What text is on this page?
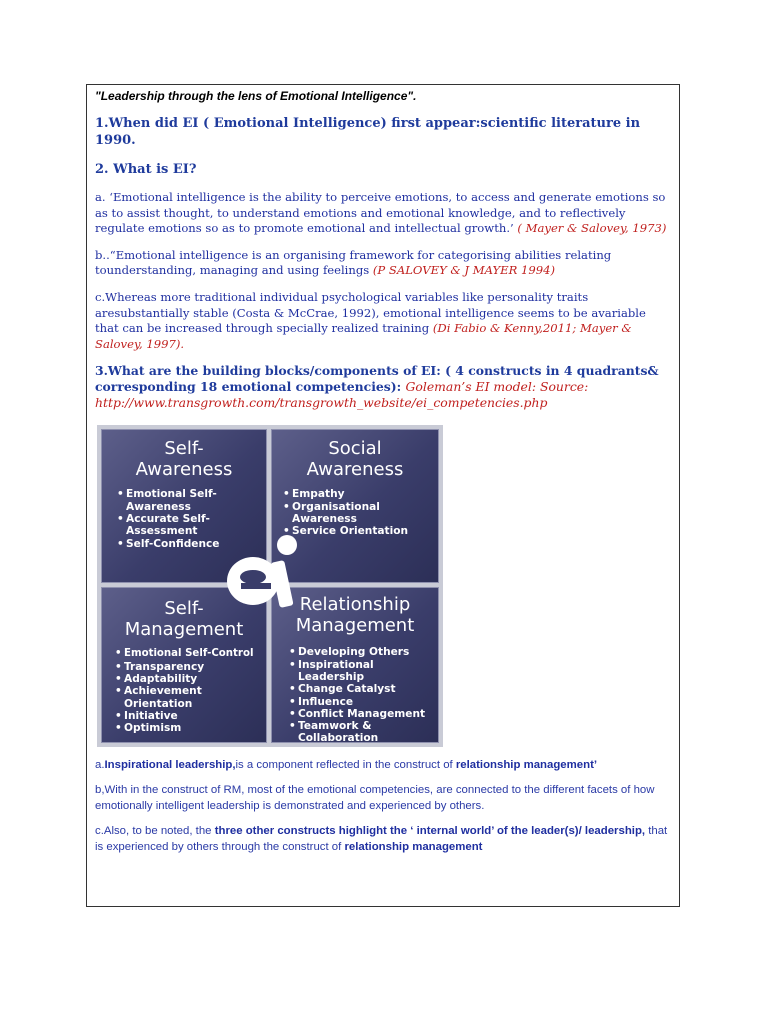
"Leadership through the lens of Emotional Intelligence".

1.When did EI ( Emotional Intelligence) first appear:scientific literature in 1990.

2. What is EI?

a. ‘Emotional intelligence is the ability to perceive emotions, to access and generate emotions so as to assist thought, to understand emotions and emotional knowledge, and to reflectively regulate emotions so as to promote emotional and intellectual growth.’ ( Mayer & Salovey, 1973)

b..“Emotional intelligence is an organising framework for categorising abilities relating tounderstanding, managing and using feelings (P SALOVEY & J MAYER 1994)

c.Whereas more traditional individual psychological variables like personality traits aresubstantially stable (Costa & McCrae, 1992), emotional intelligence seems to be avariable that can be increased through specially realized training (Di Fabio & Kenny,2011; Mayer & Salovey, 1997).

3.What are the building blocks/components of EI: ( 4 constructs in 4 quadrants& corresponding 18 emotional competencies): Goleman’s EI model: Source: http://www.transgrowth.com/transgrowth_website/ei_competencies.php

Self-
Awareness
• Emotional Self-Awareness
• Accurate Self-Assessment
• Self-Confidence
Social
Awareness
• Empathy
• Organisational Awareness
• Service Orientation
Self-
Management
• Emotional Self-Control
• Transparency
• Adaptability
• Achievement Orientation
• Initiative
• Optimism
Relationship
Management
• Developing Others
• Inspirational Leadership
• Change Catalyst
• Influence
• Conflict Management
• Teamwork & Collaboration

a.Inspirational leadership,is a component reflected in the construct of relationship management’

b,With in the construct of RM, most of the emotional competencies, are connected to the different facets of how emotionally intelligent leadership is demonstrated and experienced by others.

c.Also, to be noted, the three other constructs highlight the ‘ internal world’ of the leader(s)/ leadership, that is experienced by others through the construct of relationship management
